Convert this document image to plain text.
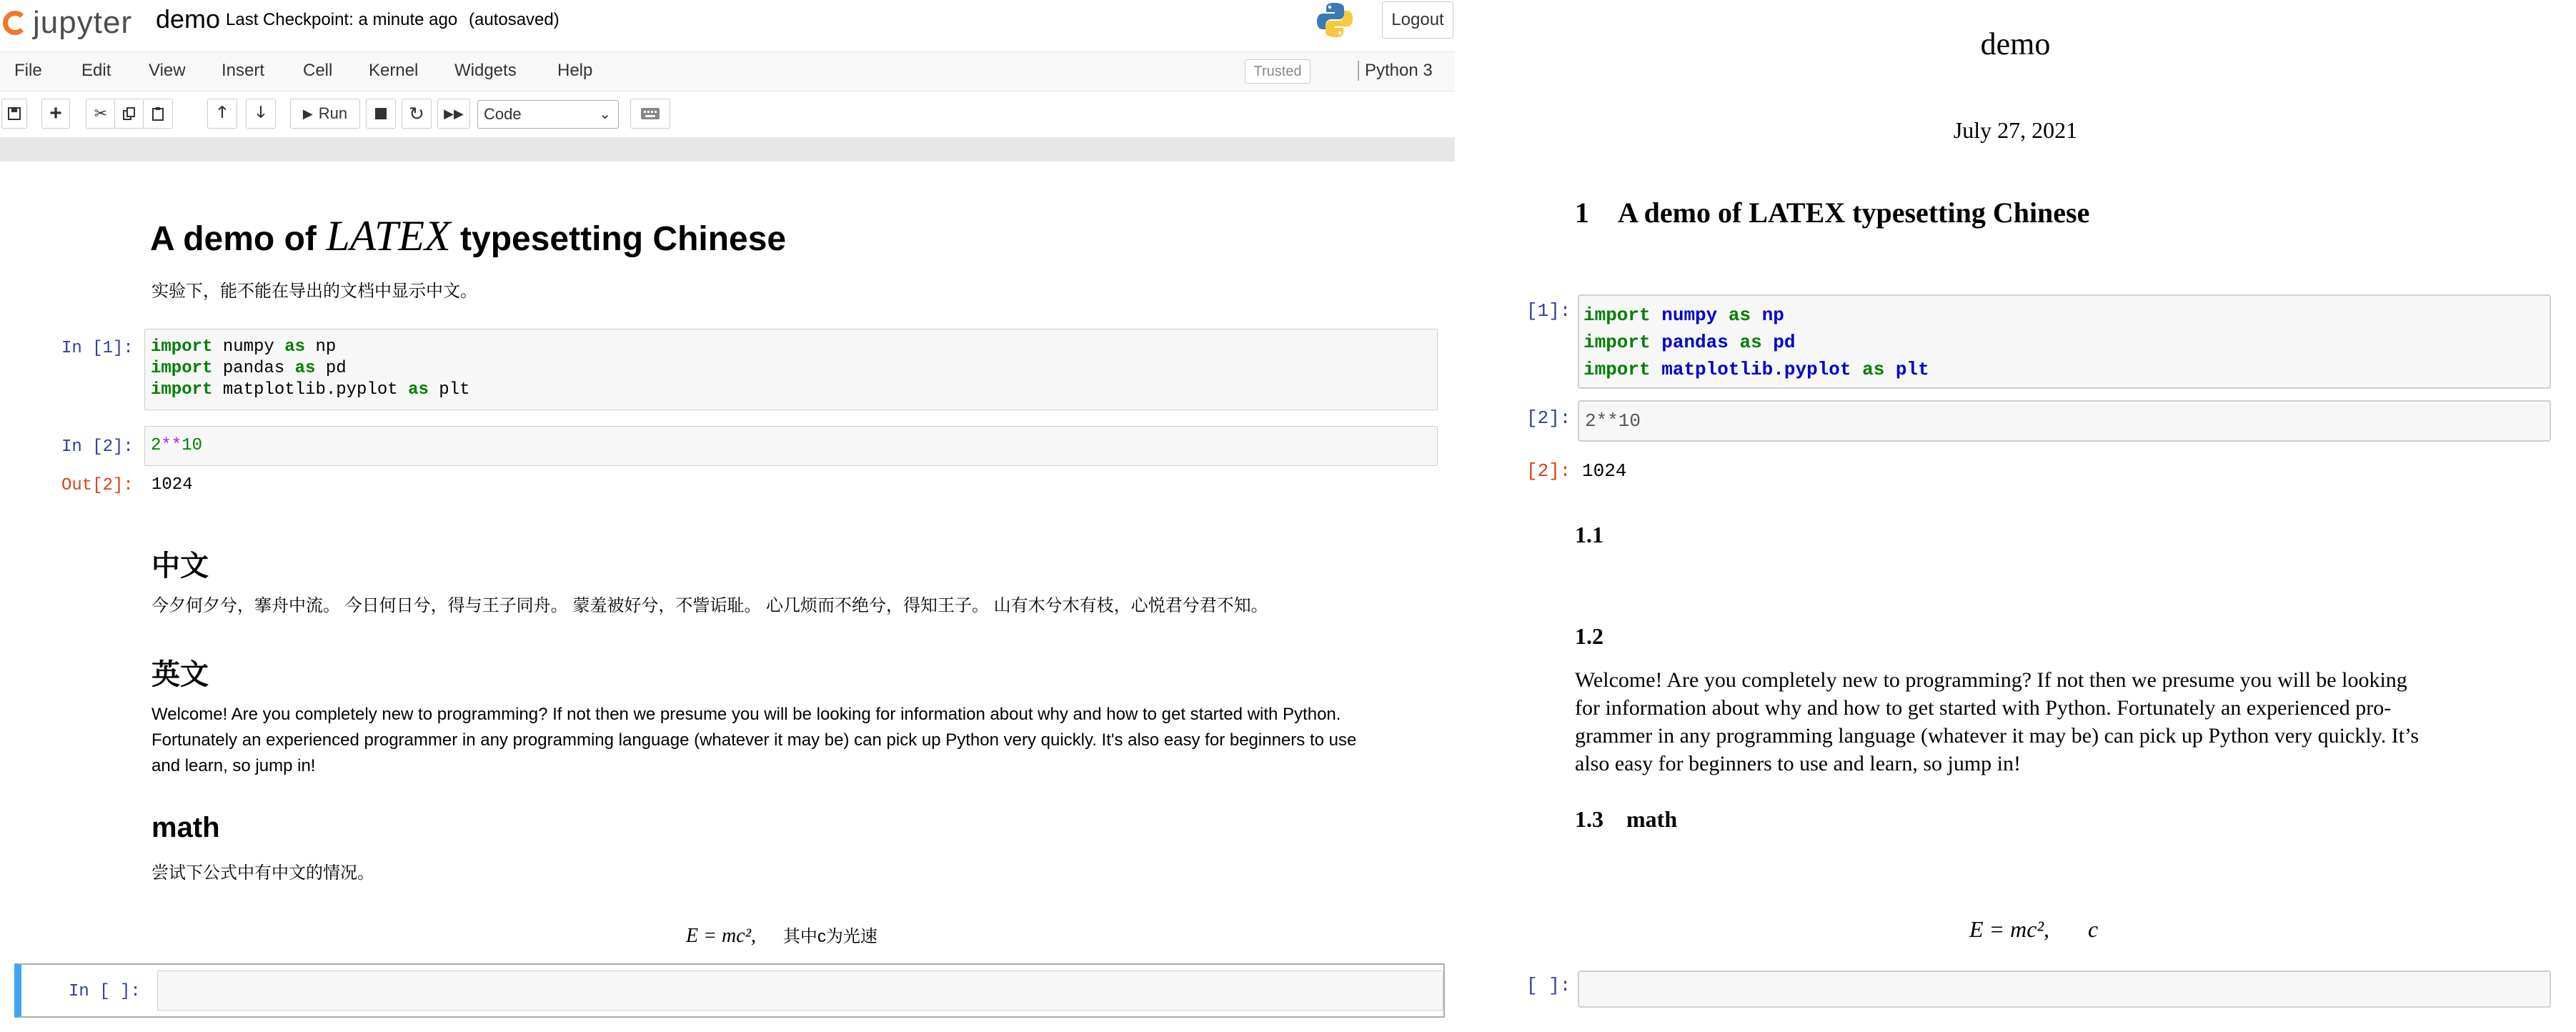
jupyter demo Last Checkpoint: a minute ago (autosaved)	Logout
File Edit View Insert Cell Kernel Widgets Help	Trusted	Python 3
+ ✂	🡑 🡓	▶ Run	↻ ▶▶ Code	⌄
A demo of LATEX typesetting Chinese
实验下，能不能在导出的文档中显示中文。
In [1]: import numpy as np
import pandas as pd
import matplotlib.pyplot as plt
In [2]: 2**10
Out[2]: 1024
中文
今夕何夕兮，搴舟中流。 今日何日兮，得与王子同舟。 蒙羞被好兮，不訾诟耻。 心几烦而不绝兮，得知王子。 山有木兮木有枝，心悦君兮君不知。
英文
Welcome! Are you completely new to programming? If not then we presume you will be looking for information about why and how to get started with Python.
Fortunately an experienced programmer in any programming language (whatever it may be) can pick up Python very quickly. It's also easy for beginners to use
and learn, so jump in!
math
尝试下公式中有中文的情况。
E = mc², 其中c为光速
In [ ]:
demo
July 27, 2021
1 A demo of LATEX typesetting Chinese
[1]: import numpy as np
import pandas as pd
import matplotlib.pyplot as plt
[2]: 2**10
[2]: 1024
1.1
1.2
Welcome! Are you completely new to programming? If not then we presume you will be looking
for information about why and how to get started with Python. Fortunately an experienced pro-
grammer in any programming language (whatever it may be) can pick up Python very quickly. It’s
also easy for beginners to use and learn, so jump in!
1.3 math
E = mc², c
[ ]:
